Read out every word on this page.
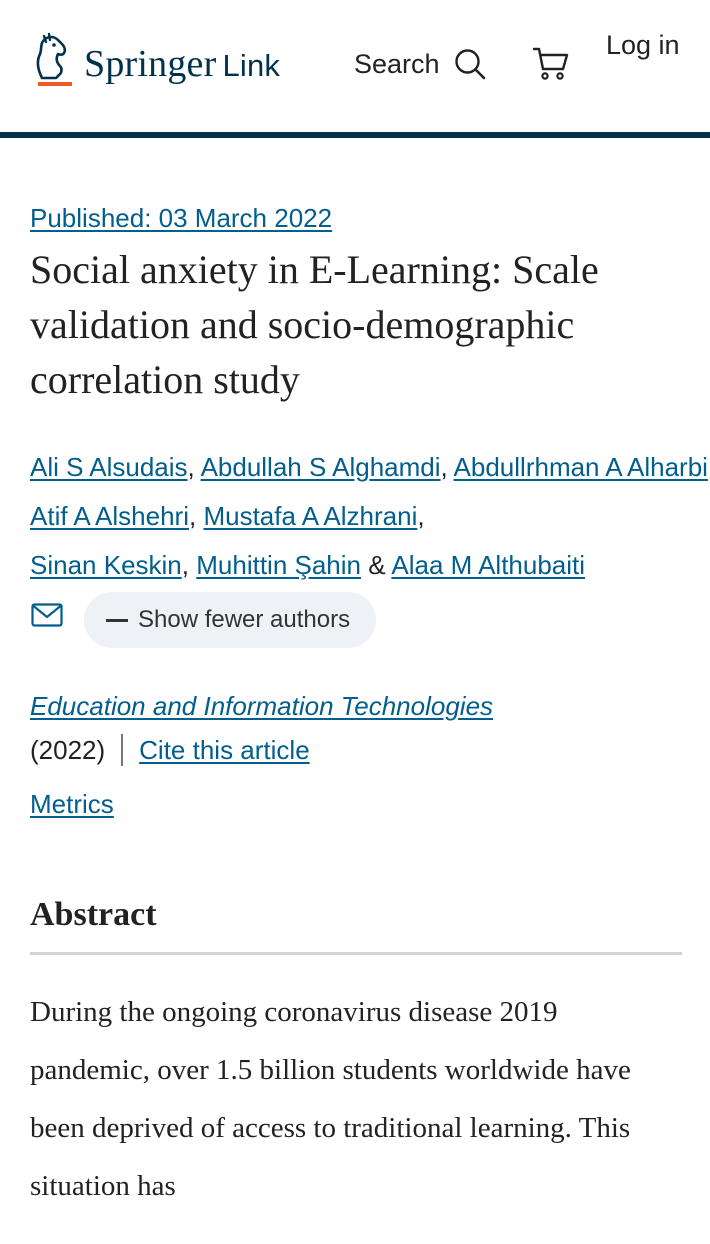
Springer Link	Search
Log in
Published: 03 March 2022
Social anxiety in E-Learning: Scale validation and socio-demographic correlation study
Ali S Alsudais, Abdullah S Alghamdi, Abdullrhman A Alharbi
Atif A Alshehri, Mustafa A Alzhrani,
Sinan Keskin, Muhittin Şahin & Alaa M Althubaiti
Show fewer authors
Education and Information Technologies
(2022) Cite this article
Metrics
Abstract

During the ongoing coronavirus disease 2019 pandemic, over 1.5 billion students worldwide have been deprived of access to traditional learning. This situation has
